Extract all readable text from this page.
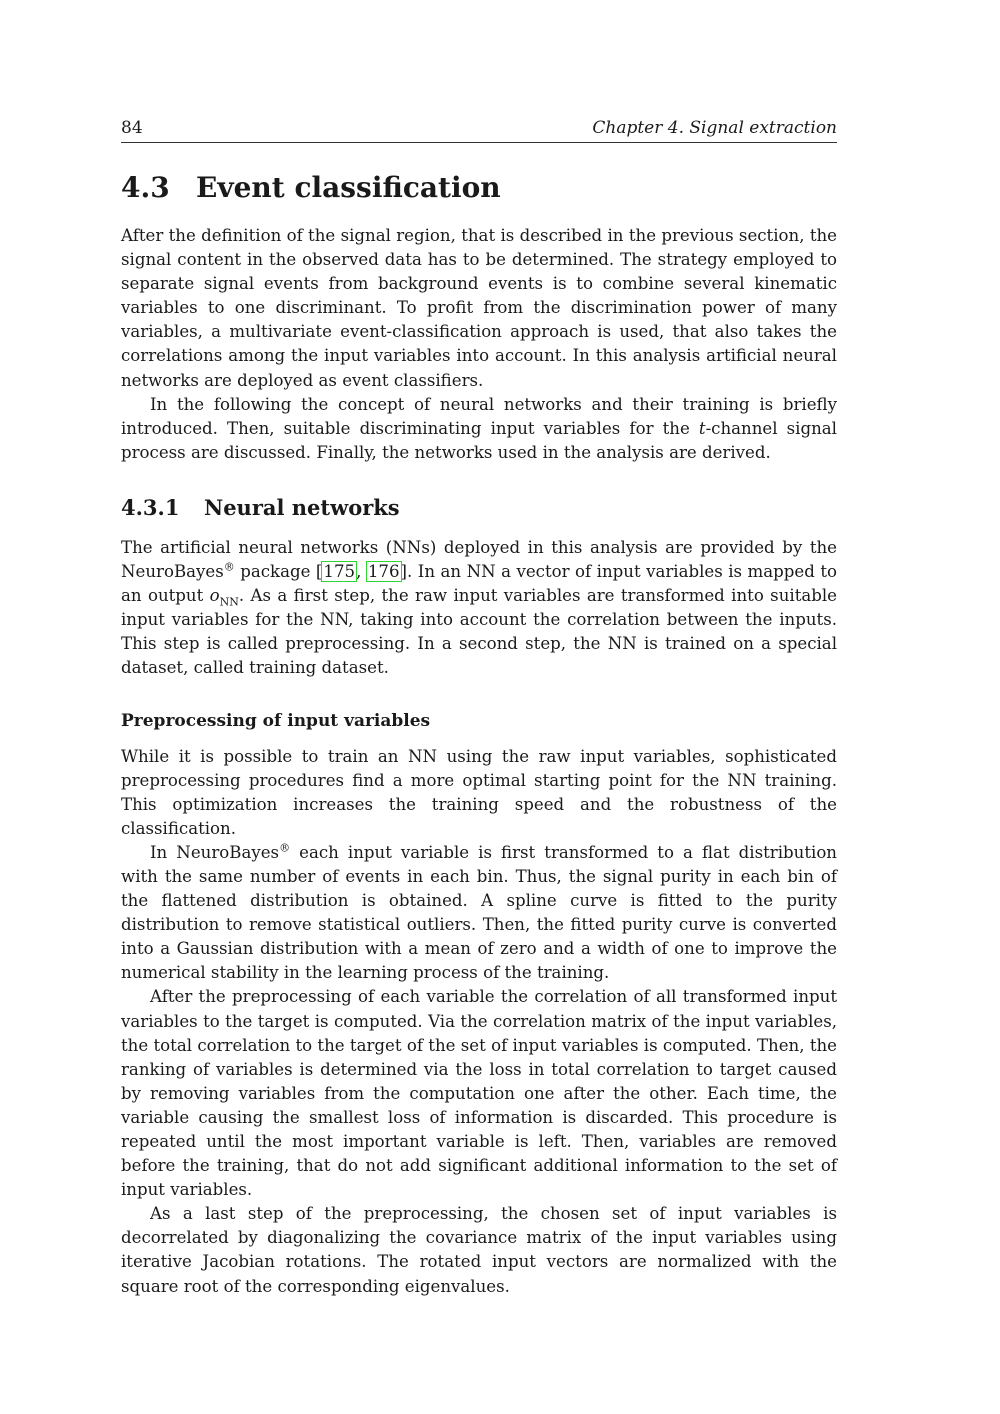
84	Chapter 4. Signal extraction
4.3 Event classification

After the definition of the signal region, that is described in the previous section, the signal content in the observed data has to be determined. The strategy employed to separate signal events from background events is to combine several kinematic variables to one discriminant. To profit from the discrimination power of many variables, a multivariate event-classification approach is used, that also takes the correlations among the input variables into account. In this analysis artificial neural networks are deployed as event classifiers.

In the following the concept of neural networks and their training is briefly introduced. Then, suitable discriminating input variables for the t-channel signal process are discussed. Finally, the networks used in the analysis are derived.

4.3.1	Neural networks

The artificial neural networks (NNs) deployed in this analysis are provided by the NeuroBayes® package [175, 176]. In an NN a vector of input variables is mapped to an output $o_{NN}$. As a first step, the raw input variables are transformed into suitable input variables for the NN, taking into account the correlation between the inputs. This step is called preprocessing. In a second step, the NN is trained on a special dataset, called training dataset.

Preprocessing of input variables

While it is possible to train an NN using the raw input variables, sophisticated preprocessing procedures find a more optimal starting point for the NN training. This optimization increases the training speed and the robustness of the classification.

In NeuroBayes® each input variable is first transformed to a flat distribution with the same number of events in each bin. Thus, the signal purity in each bin of the flattened distribution is obtained. A spline curve is fitted to the purity distribution to remove statistical outliers. Then, the fitted purity curve is converted into a Gaussian distribution with a mean of zero and a width of one to improve the numerical stability in the learning process of the training.

After the preprocessing of each variable the correlation of all transformed input variables to the target is computed. Via the correlation matrix of the input variables, the total correlation to the target of the set of input variables is computed. Then, the ranking of variables is determined via the loss in total correlation to target caused by removing variables from the computation one after the other. Each time, the variable causing the smallest loss of information is discarded. This procedure is repeated until the most important variable is left. Then, variables are removed before the training, that do not add significant additional information to the set of input variables.

As a last step of the preprocessing, the chosen set of input variables is decorrelated by diagonalizing the covariance matrix of the input variables using iterative Jacobian rotations. The rotated input vectors are normalized with the square root of the corresponding eigenvalues.
